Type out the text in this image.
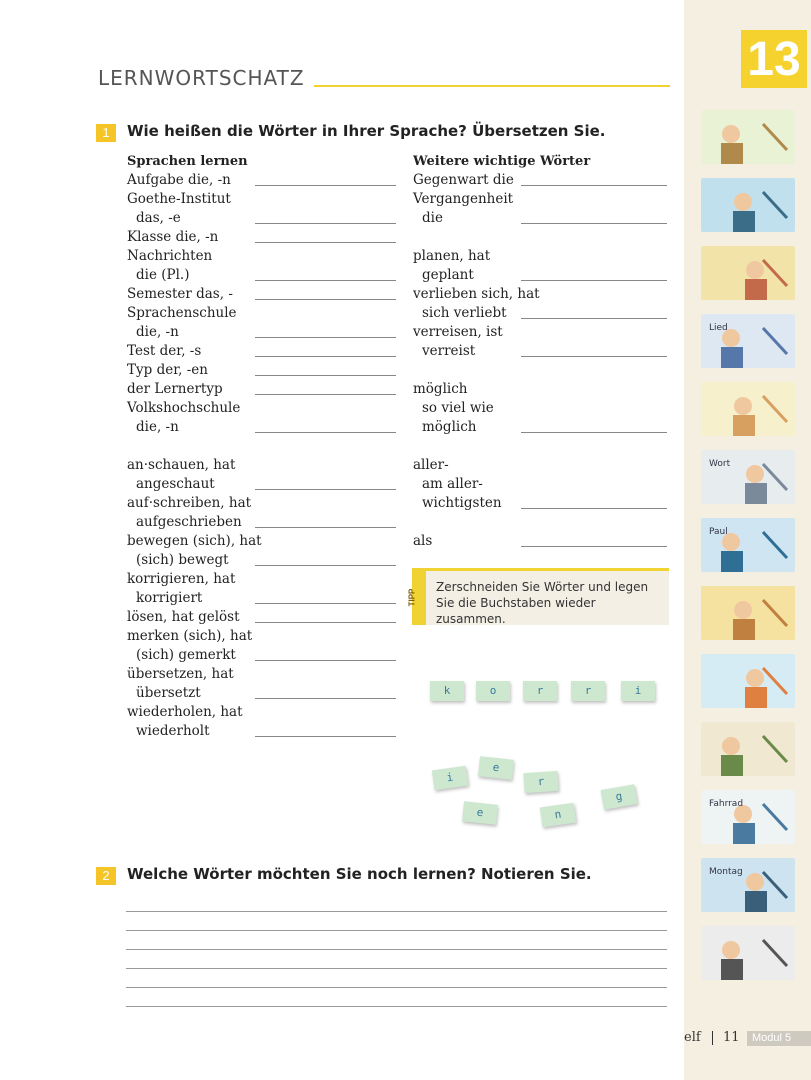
13
Lied
Wort
Paul
Fahrrad
Montag
LERNWORTSCHATZ
1	Wie heißen die Wörter in Ihrer Sprache? Übersetzen Sie.
Sprachen lernen	Weitere wichtige Wörter
Aufgabe die, -n
Goethe-Institut
das, -e
Klasse die, -n
Nachrichten
die (Pl.)
Semester das, -
Sprachenschule
die, -n
Test der, -s
Typ der, -en
der Lernertyp
Volkshochschule
die, -n
an·schauen, hat
angeschaut
auf·schreiben, hat
aufgeschrieben
bewegen (sich), hat
(sich) bewegt
korrigieren, hat
korrigiert
lösen, hat gelöst
merken (sich), hat
(sich) gemerkt
übersetzen, hat
übersetzt
wiederholen, hat
wiederholt
Gegenwart die
Vergangenheit
die
planen, hat
geplant
verlieben sich, hat
sich verliebt
verreisen, ist
verreist
möglich
so viel wie
möglich
aller-
am aller-
wichtigsten
als
TIPP
Zerschneiden Sie Wörter und legen Sie die Buchstaben wieder zusammen.
k	o	r	r	i
i
e
r
e	n
g
2	Welche Wörter möchten Sie noch lernen? Notieren Sie.
elf 11	Modul 5
